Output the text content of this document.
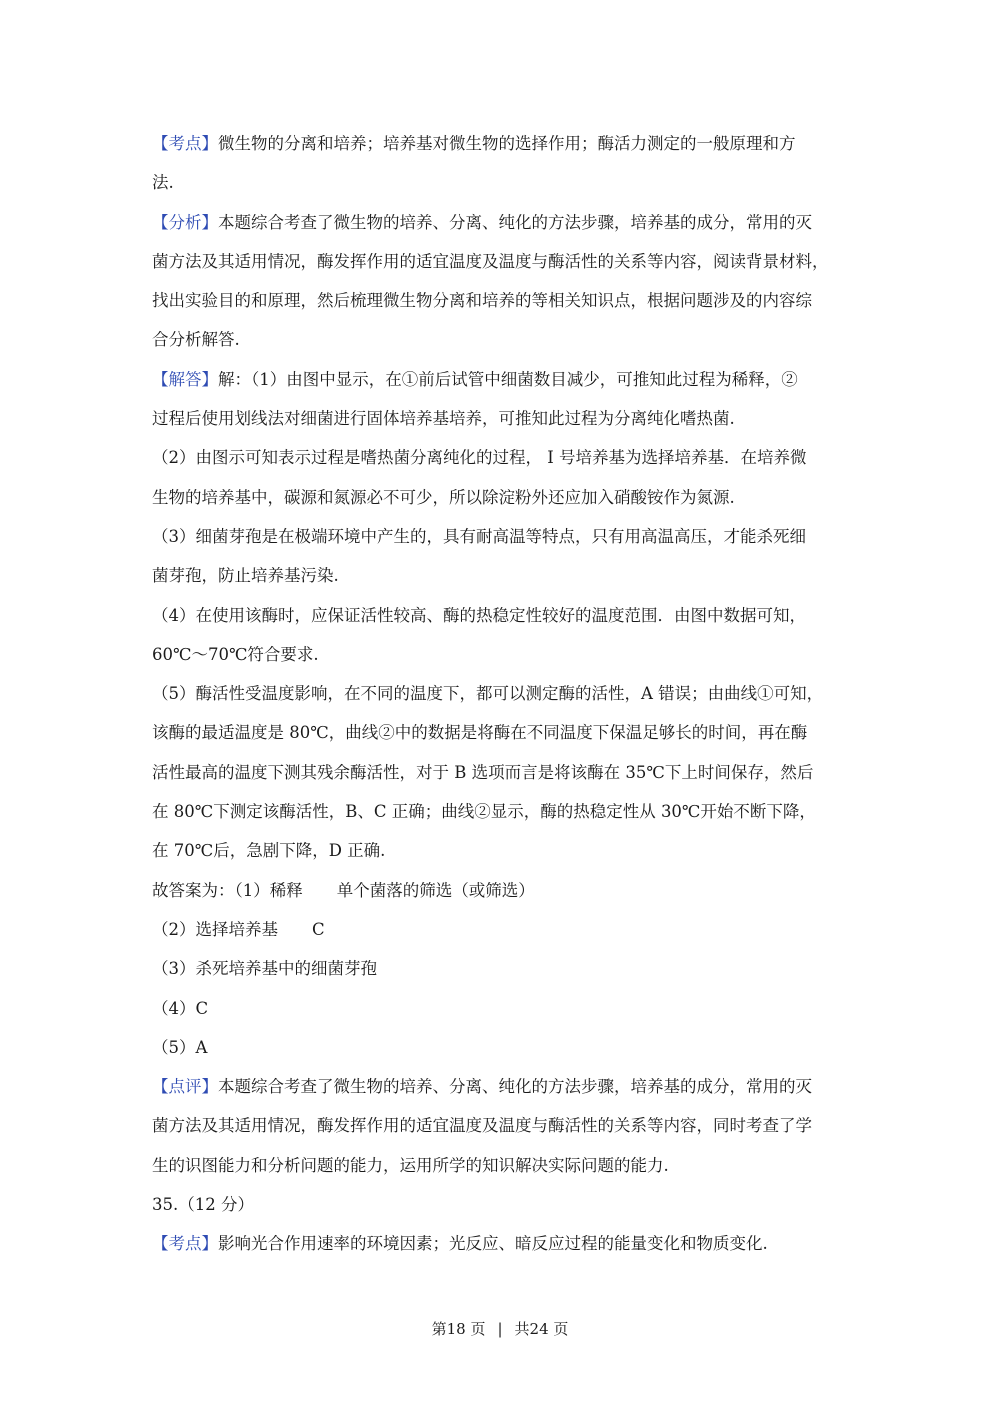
【考点】微生物的分离和培养；培养基对微生物的选择作用；酶活力测定的一般原理和方
法.
【分析】本题综合考查了微生物的培养、分离、纯化的方法步骤，培养基的成分，常用的灭
菌方法及其适用情况，酶发挥作用的适宜温度及温度与酶活性的关系等内容，阅读背景材料，
找出实验目的和原理，然后梳理微生物分离和培养的等相关知识点，根据问题涉及的内容综
合分析解答.
【解答】解：（1）由图中显示，在①前后试管中细菌数目减少，可推知此过程为稀释，②
过程后使用划线法对细菌进行固体培养基培养，可推知此过程为分离纯化嗜热菌.
（2）由图示可知表示过程是嗜热菌分离纯化的过程， I 号培养基为选择培养基．在培养微
生物的培养基中，碳源和氮源必不可少，所以除淀粉外还应加入硝酸铵作为氮源.
（3）细菌芽孢是在极端环境中产生的，具有耐高温等特点，只有用高温高压，才能杀死细
菌芽孢，防止培养基污染.
（4）在使用该酶时，应保证活性较高、酶的热稳定性较好的温度范围．由图中数据可知，
60℃～70℃符合要求.
（5）酶活性受温度影响，在不同的温度下，都可以测定酶的活性，A 错误；由曲线①可知，
该酶的最适温度是 80℃，曲线②中的数据是将酶在不同温度下保温足够长的时间，再在酶
活性最高的温度下测其残余酶活性，对于 B 选项而言是将该酶在 35℃下上时间保存，然后
在 80℃下测定该酶活性，B、C 正确；曲线②显示，酶的热稳定性从 30℃开始不断下降，
在 70℃后，急剧下降，D 正确.
故答案为：（1）稀释 单个菌落的筛选（或筛选）
（2）选择培养基 C
（3）杀死培养基中的细菌芽孢
（4）C
（5）A
【点评】本题综合考查了微生物的培养、分离、纯化的方法步骤，培养基的成分，常用的灭
菌方法及其适用情况，酶发挥作用的适宜温度及温度与酶活性的关系等内容，同时考查了学
生的识图能力和分析问题的能力，运用所学的知识解决实际问题的能力.
35.（12 分）
【考点】影响光合作用速率的环境因素；光反应、暗反应过程的能量变化和物质变化.
第18 页 | 共24 页
